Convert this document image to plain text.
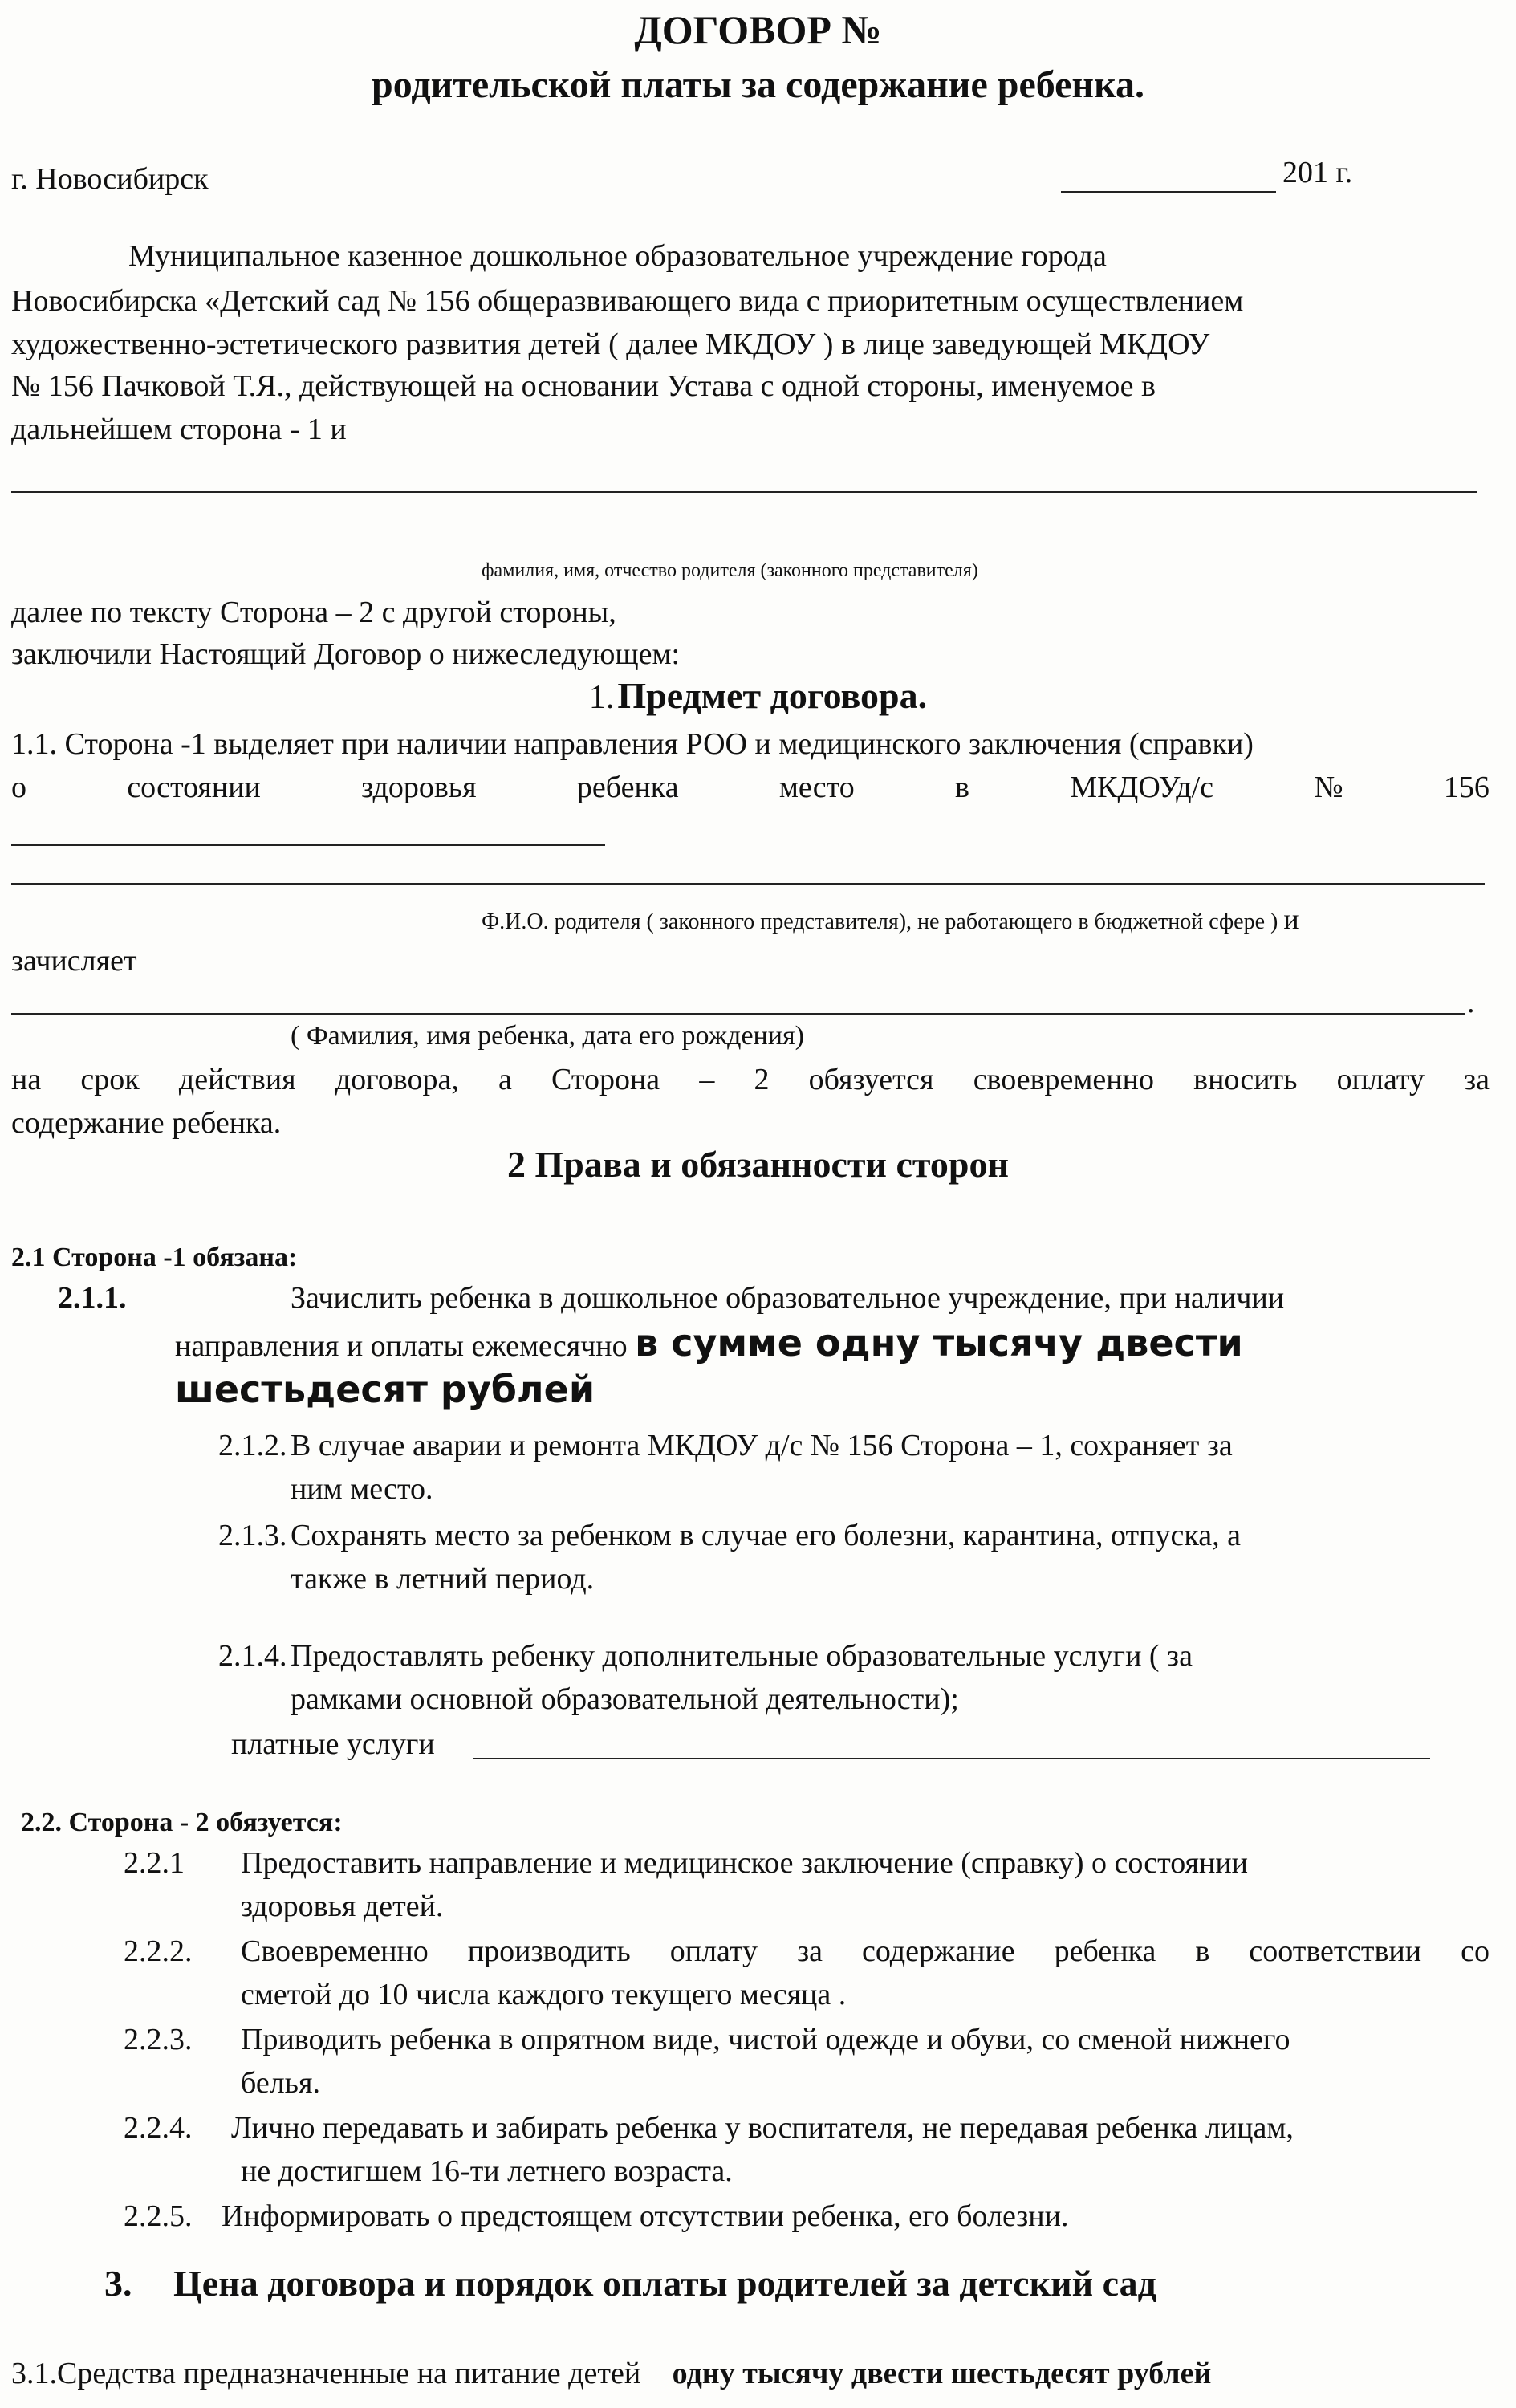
ДОГОВОР №
родительской платы за содержание ребенка.
г. Новосибирск	201 г.
Муниципальное казенное дошкольное образовательное учреждение города
Новосибирска «Детский сад № 156 общеразвивающего вида с приоритетным осуществлением
художественно-эстетического развития детей ( далее МКДОУ ) в лице заведующей МКДОУ
№ 156 Пачковой Т.Я., действующей на основании Устава с одной стороны, именуемое в
дальнейшем сторона - 1 и
фамилия, имя, отчество родителя (законного представителя)
далее по тексту Сторона – 2 с другой стороны,
заключили Настоящий Договор о нижеследующем:
1. Предмет договора.
1.1. Сторона -1 выделяет при наличии направления РОО и медицинского заключения (справки)
о	состоянии	здоровья	ребенка	место	в	МКДОУд/с	№	156
Ф.И.О. родителя ( законного представителя), не работающего в бюджетной сфере ) и
зачисляет
.
( Фамилия, имя ребенка, дата его рождения)
на срок действия договора, а Сторона – 2 обязуется своевременно вносить оплату за
содержание ребенка.
2 Права и обязанности сторон
2.1 Сторона -1 обязана:
2.1.1.	Зачислить ребенка в дошкольное образовательное учреждение, при наличии
направления и оплаты ежемесячно в сумме одну тысячу двести
шестьдесят рублей
2.1.2. В случае аварии и ремонта МКДОУ д/с № 156 Сторона – 1, сохраняет за
ним место.
2.1.3. Сохранять место за ребенком в случае его болезни, карантина, отпуска, а
также в летний период.
2.1.4. Предоставлять ребенку дополнительные образовательные услуги ( за
рамками основной образовательной деятельности);
платные услуги
2.2. Сторона - 2 обязуется:
2.2.1 Предоставить направление и медицинское заключение (справку) о состоянии
здоровья детей.
2.2.2. Своевременно производить оплату за содержание ребенка в соответствии со
сметой до 10 числа каждого текущего месяца .
2.2.3. Приводить ребенка в опрятном виде, чистой одежде и обуви, со сменой нижнего
белья.
2.2.4. Лично передавать и забирать ребенка у воспитателя, не передавая ребенка лицам,
не достигшем 16-ти летнего возраста.
2.2.5. Информировать о предстоящем отсутствии ребенка, его болезни.
3. Цена договора и порядок оплаты родителей за детский сад
3.1.Средства предназначенные на питание детей одну тысячу двести шестьдесят рублей
